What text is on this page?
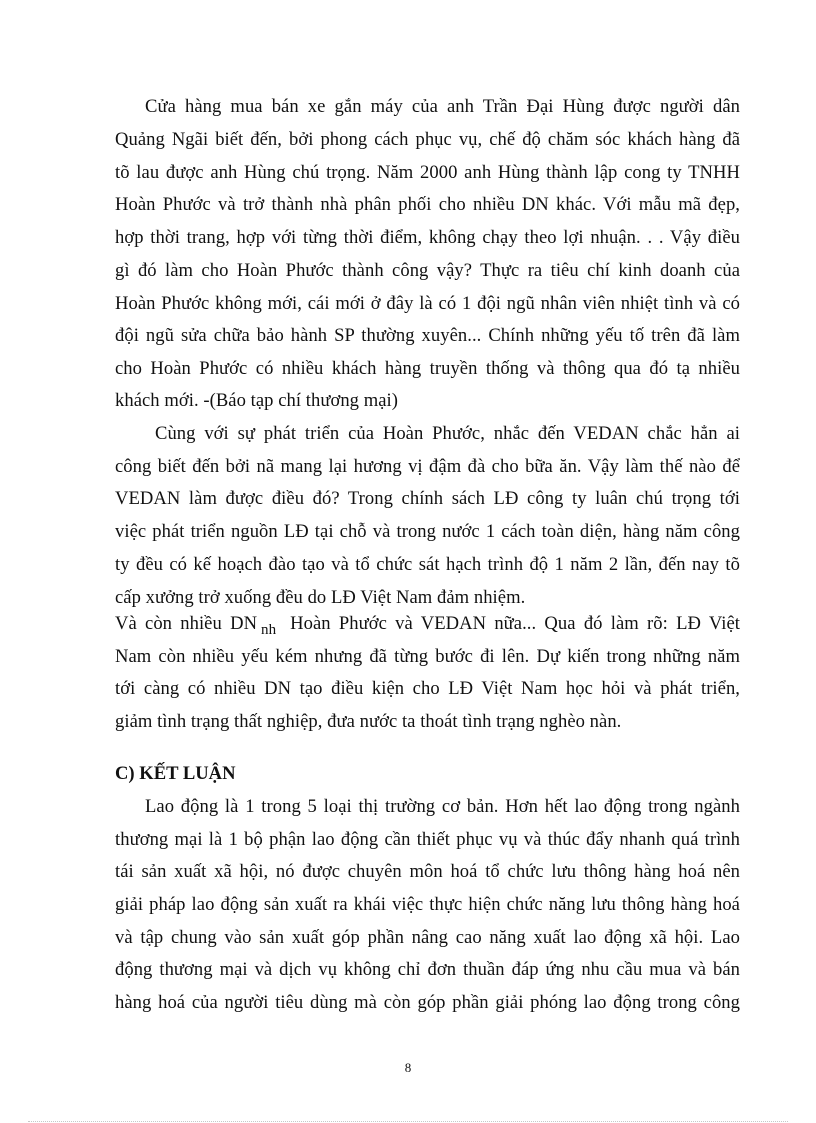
Cửa hàng mua bán xe gắn máy của anh Trần Đại Hùng được người dân
Quảng Ngãi biết đến, bởi phong cách phục vụ, chế độ chăm sóc khách hàng đã
tõ lau được anh Hùng chú trọng. Năm 2000 anh Hùng thành lập cong ty TNHH
Hoàn Phước và trở thành nhà phân phối cho nhiều DN khác. Với mẫu mã đẹp,
hợp thời trang, hợp với từng thời điểm, không chạy theo lợi nhuận. . . Vậy điều
gì đó làm cho Hoàn Phước thành công vậy? Thực ra tiêu chí kinh doanh của
Hoàn Phước không mới, cái mới ở đây là có 1 đội ngũ nhân viên nhiệt tình và có
đội ngũ sửa chữa bảo hành SP thường xuyên... Chính những yếu tố trên đã làm
cho Hoàn Phước có nhiều khách hàng truyền thống và thông qua đó tạ nhiều
khách mới. -(Báo tạp chí thương mại)
Cùng với sự phát triển của Hoàn Phước, nhắc đến VEDAN chắc hẳn ai
công biết đến bởi nã mang lại hương vị đậm đà cho bữa ăn. Vậy làm thế nào để
VEDAN làm được điều đó? Trong chính sách LĐ công ty luân chú trọng tới
việc phát triển nguồn LĐ tại chỗ và trong nước 1 cách toàn diện, hàng năm công
ty đều có kế hoạch đào tạo và tổ chức sát hạch trình độ 1 năm 2 lần, đến nay tõ
cấp xưởng trở xuống đều do LĐ Việt Nam đảm nhiệm.
Và còn nhiều DN $_{nh}$ Hoàn Phước và VEDAN nữa... Qua đó làm rõ: LĐ Việt
Nam còn nhiều yếu kém nhưng đã từng bước đi lên. Dự kiến trong những năm
tới càng có nhiều DN tạo điều kiện cho LĐ Việt Nam học hỏi và phát triển,
giảm tình trạng thất nghiệp, đưa nước ta thoát tình trạng nghèo nàn.
C) KẾT LUẬN
Lao động là 1 trong 5 loại thị trường cơ bản. Hơn hết lao động trong ngành
thương mại là 1 bộ phận lao động cần thiết phục vụ và thúc đẩy nhanh quá trình
tái sản xuất xã hội, nó được chuyên môn hoá tổ chức lưu thông hàng hoá nên
giải pháp lao động sản xuất ra khái việc thực hiện chức năng lưu thông hàng hoá
và tập chung vào sản xuất góp phần nâng cao năng xuất lao động xã hội. Lao
động thương mại và dịch vụ không chỉ đơn thuần đáp ứng nhu cầu mua và bán
hàng hoá của người tiêu dùng mà còn góp phần giải phóng lao động trong công
8
